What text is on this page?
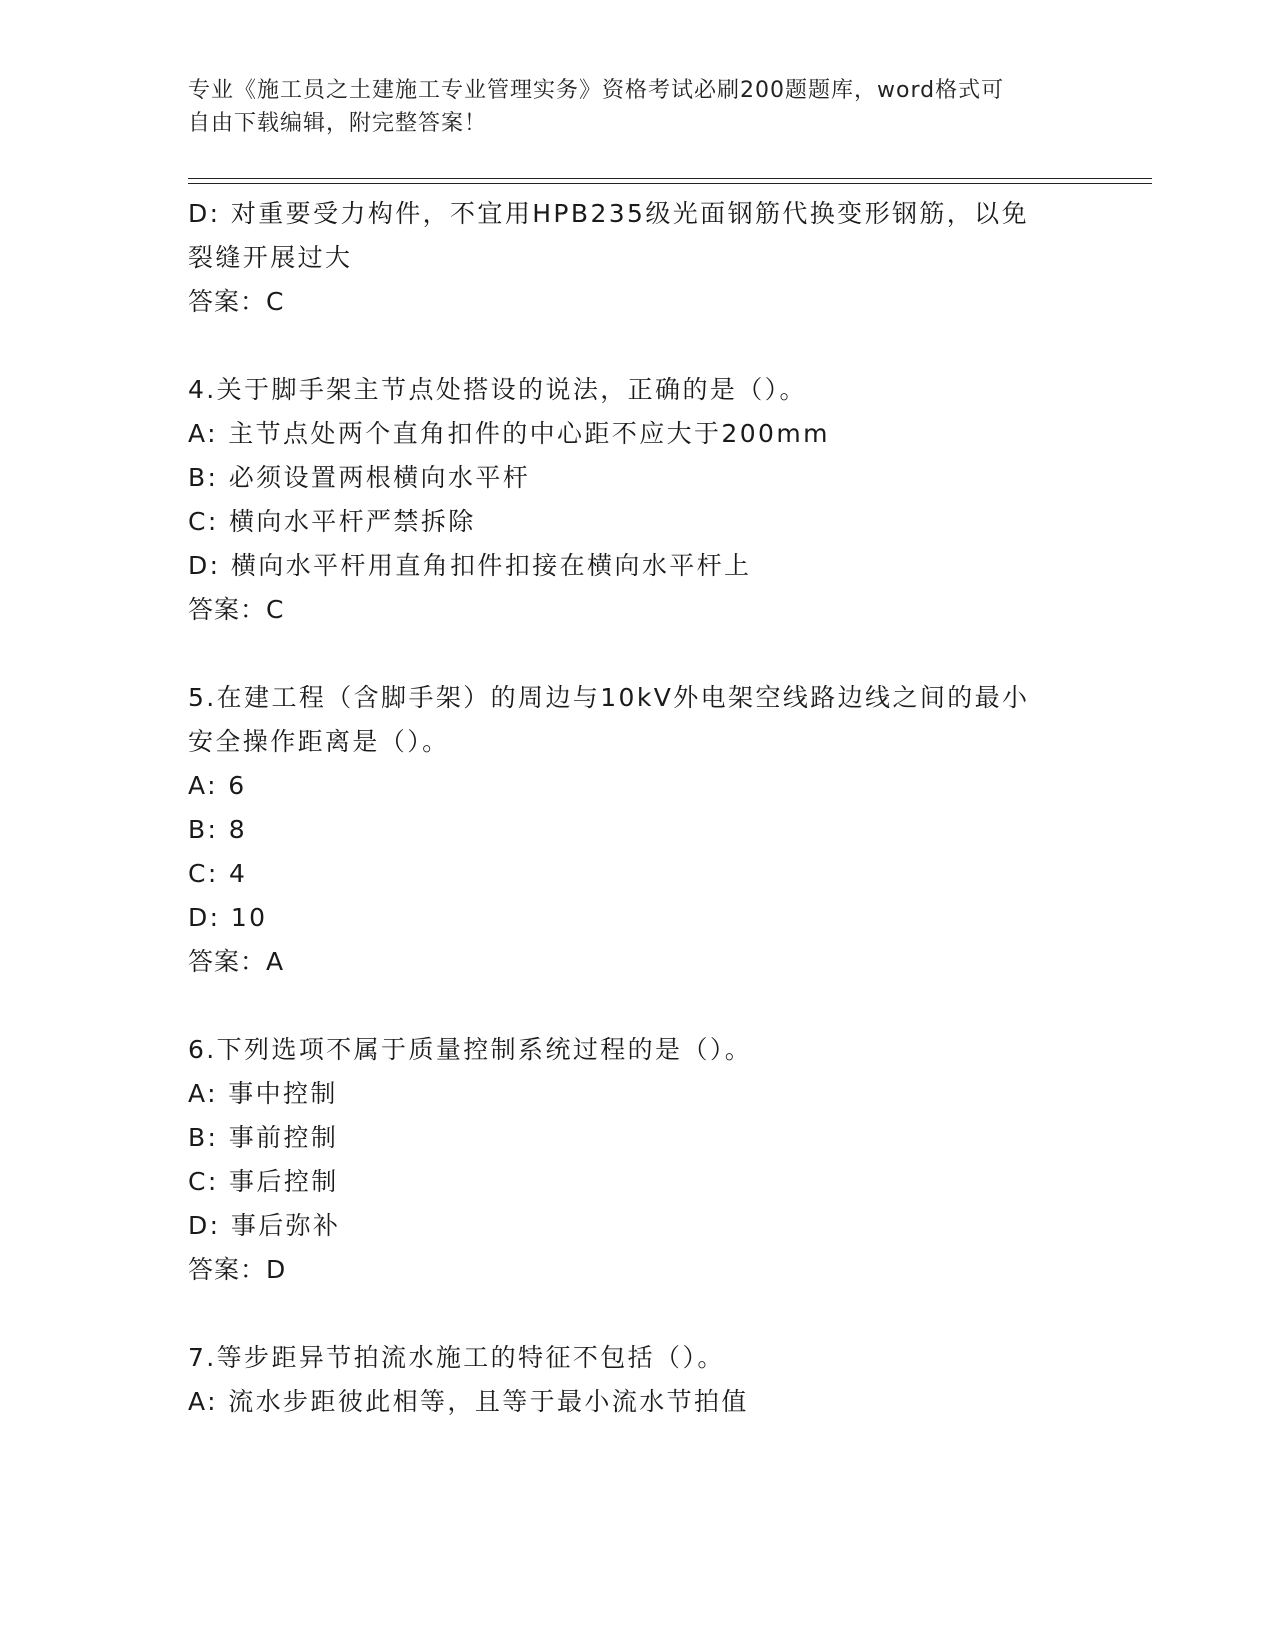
专业《施工员之土建施工专业管理实务》资格考试必刷200题题库，word格式可
自由下载编辑，附完整答案！
D: 对重要受力构件，不宜用HPB235级光面钢筋代换变形钢筋，以免
裂缝开展过大
答案：C
4.关于脚手架主节点处搭设的说法，正确的是（）。
A: 主节点处两个直角扣件的中心距不应大于200mm
B: 必须设置两根横向水平杆
C: 横向水平杆严禁拆除
D: 横向水平杆用直角扣件扣接在横向水平杆上
答案：C
5.在建工程（含脚手架）的周边与10kV外电架空线路边线之间的最小
安全操作距离是（）。
A: 6
B: 8
C: 4
D: 10
答案：A
6.下列选项不属于质量控制系统过程的是（）。
A: 事中控制
B: 事前控制
C: 事后控制
D: 事后弥补
答案：D
7.等步距异节拍流水施工的特征不包括（）。
A: 流水步距彼此相等，且等于最小流水节拍值
